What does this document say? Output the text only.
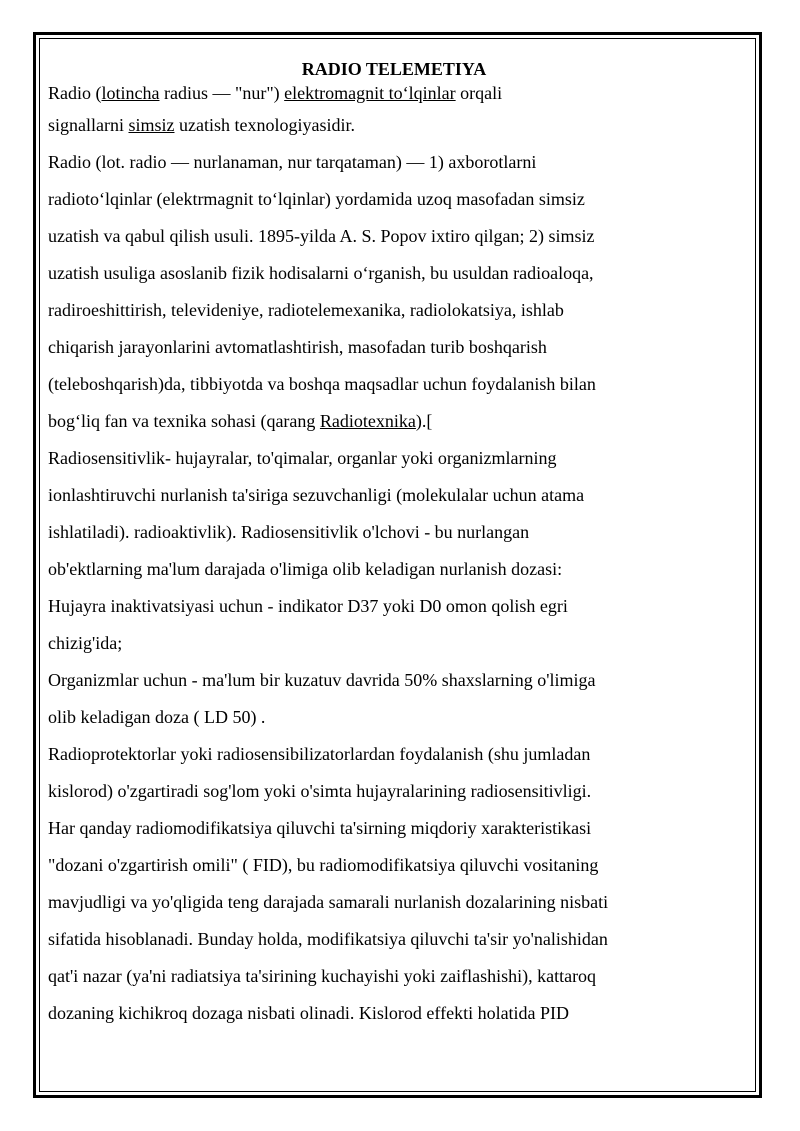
RADIO TELEMETIYA
Radio (lotincha radius — "nur") elektromagnit to‘lqinlar orqali
signallarni simsiz uzatish texnologiyasidir.
Radio (lot. radio — nurlanaman, nur tarqataman) — 1) axborotlarni
radioto‘lqinlar (elektrmagnit to‘lqinlar) yordamida uzoq masofadan simsiz
uzatish va qabul qilish usuli. 1895-yilda A. S. Popov ixtiro qilgan; 2) simsiz
uzatish usuliga asoslanib fizik hodisalarni o‘rganish, bu usuldan radioaloqa,
radiroeshittirish, televideniye, radiotelemexanika, radiolokatsiya, ishlab
chiqarish jarayonlarini avtomatlashtirish, masofadan turib boshqarish
(teleboshqarish)da, tibbiyotda va boshqa maqsadlar uchun foydalanish bilan
bog‘liq fan va texnika sohasi (qarang Radiotexnika).[
Radiosensitivlik- hujayralar, to'qimalar, organlar yoki organizmlarning
ionlashtiruvchi nurlanish ta'siriga sezuvchanligi (molekulalar uchun atama
ishlatiladi). radioaktivlik). Radiosensitivlik o'lchovi - bu nurlangan
ob'ektlarning ma'lum darajada o'limiga olib keladigan nurlanish dozasi:
Hujayra inaktivatsiyasi uchun - indikator D37 yoki D0 omon qolish egri
chizig'ida;
Organizmlar uchun - ma'lum bir kuzatuv davrida 50% shaxslarning o'limiga
olib keladigan doza ( LD 50) .
Radioprotektorlar yoki radiosensibilizatorlardan foydalanish (shu jumladan
kislorod) o'zgartiradi sog'lom yoki o'simta hujayralarining radiosensitivligi.
Har qanday radiomodifikatsiya qiluvchi ta'sirning miqdoriy xarakteristikasi
"dozani o'zgartirish omili" ( FID), bu radiomodifikatsiya qiluvchi vositaning
mavjudligi va yo'qligida teng darajada samarali nurlanish dozalarining nisbati
sifatida hisoblanadi. Bunday holda, modifikatsiya qiluvchi ta'sir yo'nalishidan
qat'i nazar (ya'ni radiatsiya ta'sirining kuchayishi yoki zaiflashishi), kattaroq
dozaning kichikroq dozaga nisbati olinadi. Kislorod effekti holatida PID
